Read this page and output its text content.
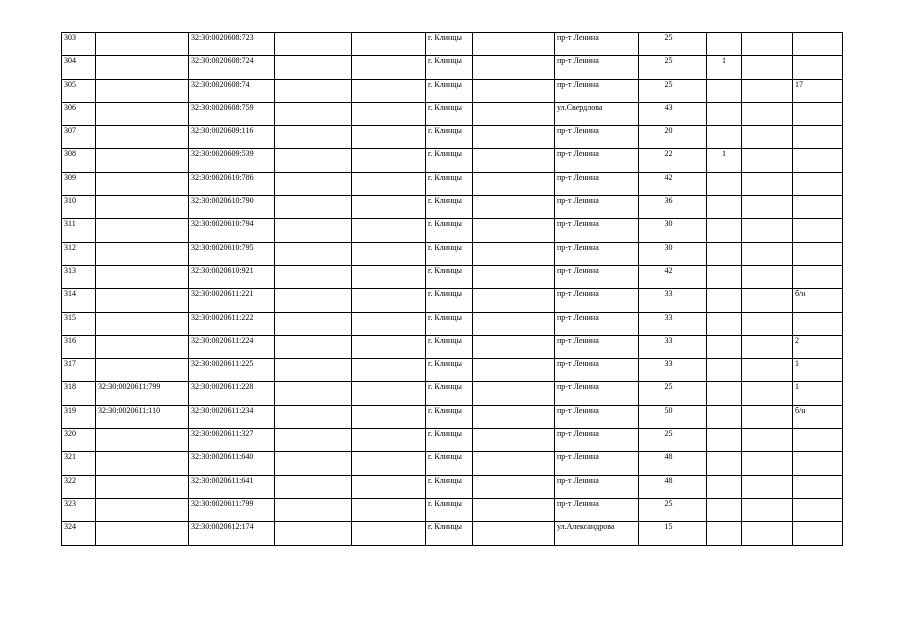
303		32:30:0020608:723			г. Клинцы		пр-т Ленина	25			
304		32:30:0020608:724			г. Клинцы		пр-т Ленина	25	1		
305		32:30:0020608:74			г. Клинцы		пр-т Ленина	25			17
306		32:30:0020608:759			г. Клинцы		ул.Свердлова	43			
307		32:30:0020609:116			г. Клинцы		пр-т Ленина	20			
308		32:30:0020609:539			г. Клинцы		пр-т Ленина	22	1		
309		32:30:0020610:786			г. Клинцы		пр-т Ленина	42			
310		32:30:0020610:790			г. Клинцы		пр-т Ленина	36			
311		32:30:0020610:794			г. Клинцы		пр-т Ленина	30			
312		32:30:0020610:795			г. Клинцы		пр-т Ленина	30			
313		32:30:0020610:921			г. Клинцы		пр-т Ленина	42			
314		32:30:0020611:221			г. Клинцы		пр-т Ленина	33			б/н
315		32:30:0020611:222			г. Клинцы		пр-т Ленина	33			
316		32:30:0020611:224			г. Клинцы		пр-т Ленина	33			2
317		32:30:0020611:225			г. Клинцы		пр-т Ленина	33			1
318	32:30:0020611:799	32:30:0020611:228			г. Клинцы		пр-т Ленина	25			1
319	32:30:0020611:110	32:30:0020611:234			г. Клинцы		пр-т Ленина	50			б/н
320		32:30:0020611:327			г. Клинцы		пр-т Ленина	25			
321		32:30:0020611:640			г. Клинцы		пр-т Ленина	48			
322		32:30:0020611:641			г. Клинцы		пр-т Ленина	48			
323		32:30:0020611:799			г. Клинцы		пр-т Ленина	25			
324		32:30:0020612:174			г. Клинцы		ул.Александрова	15			
